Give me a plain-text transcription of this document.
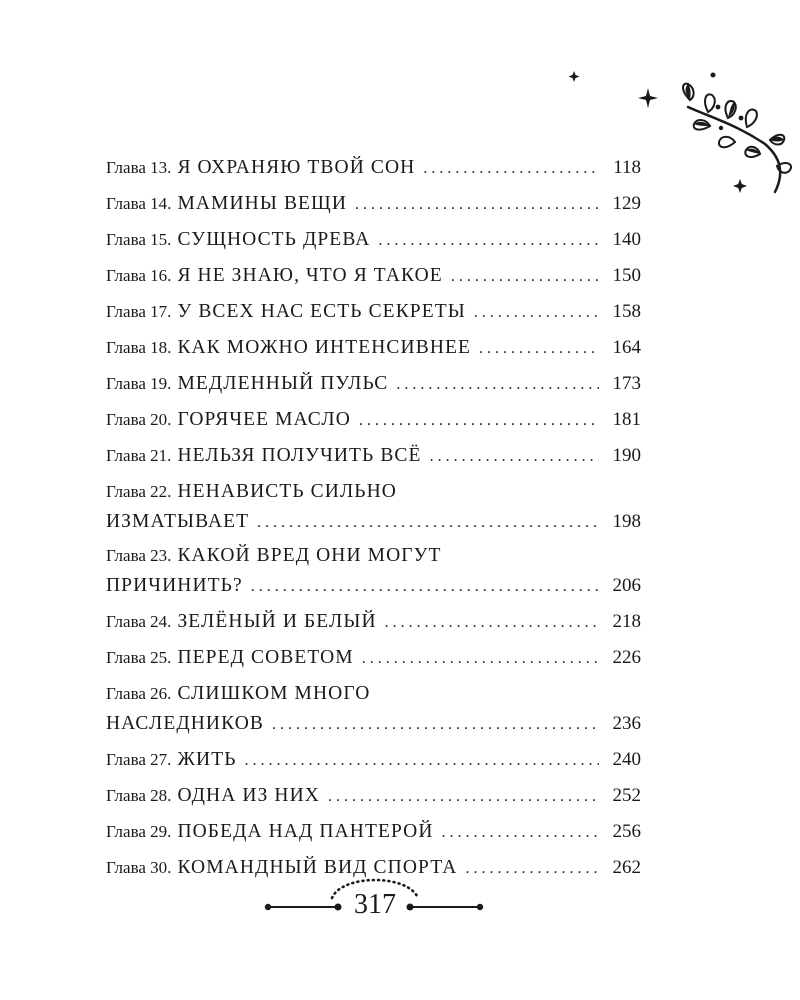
Глава 13. Я ОХРАНЯЮ ТВОЙ СОН . . .	118
Глава 14. МАМИНЫ ВЕЩИ . . .	129
Глава 15. СУЩНОСТЬ ДРЕВА . . .	140
Глава 16. Я НЕ ЗНАЮ, ЧТО Я ТАКОЕ . . .	150
Глава 17. У ВСЕХ НАС ЕСТЬ СЕКРЕТЫ . . .	158
Глава 18. КАК МОЖНО ИНТЕНСИВНЕЕ . . .	164
Глава 19. МЕДЛЕННЫЙ ПУЛЬС . . .	173
Глава 20. ГОРЯЧЕЕ МАСЛО . . .	181
Глава 21. НЕЛЬЗЯ ПОЛУЧИТЬ ВСЁ . . .	190
Глава 22. НЕНАВИСТЬ СИЛЬНО
ИЗМАТЫВАЕТ . . .	198
Глава 23. КАКОЙ ВРЕД ОНИ МОГУТ
ПРИЧИНИТЬ? . . .	206
Глава 24. ЗЕЛЁНЫЙ И БЕЛЫЙ . . .	218
Глава 25. ПЕРЕД СОВЕТОМ . . .	226
Глава 26. СЛИШКОМ МНОГО
НАСЛЕДНИКОВ . . .	236
Глава 27. ЖИТЬ . . .	240
Глава 28. ОДНА ИЗ НИХ . . .	252
Глава 29. ПОБЕДА НАД ПАНТЕРОЙ . . .	256
Глава 30. КОМАНДНЫЙ ВИД СПОРТА . . .	262
317
